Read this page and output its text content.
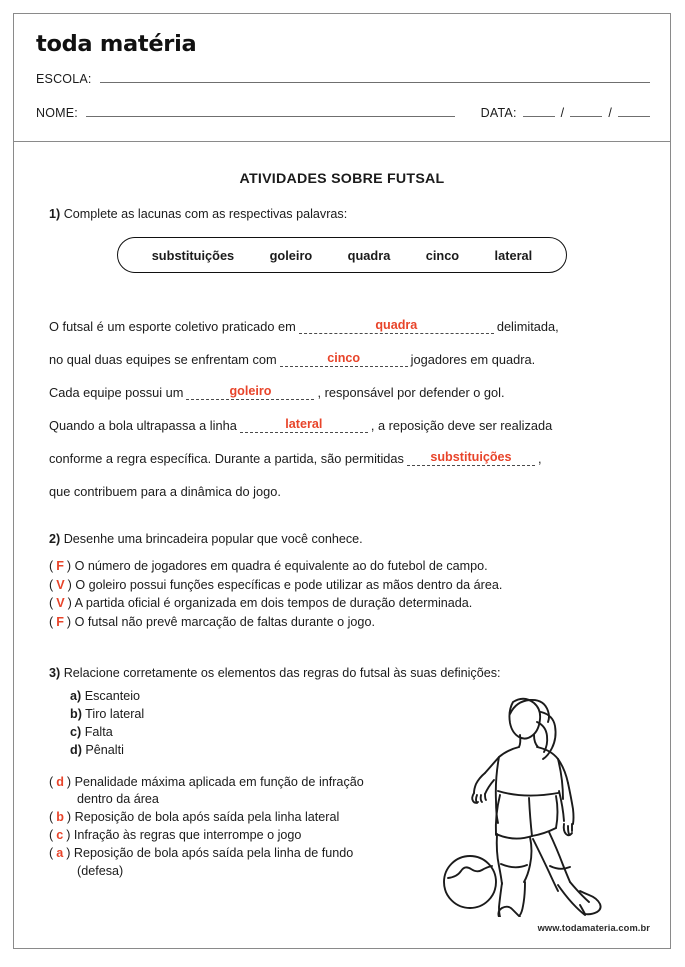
toda matéria
ESCOLA:
NOME:	DATA:	/	/
ATIVIDADES SOBRE FUTSAL
1) Complete as lacunas com as respectivas palavras:
substituições	goleiro	quadra	cinco	lateral
O futsal é um esporte coletivo praticado em	quadra	delimitada,
no qual duas equipes se enfrentam com	cinco	jogadores em quadra.
Cada equipe possui um	goleiro	, responsável por defender o gol.
Quando a bola ultrapassa a linha	lateral	, a reposição deve ser realizada
conforme a regra específica. Durante a partida, são permitidas	substituições	,
que contribuem para a dinâmica do jogo.
2) Desenhe uma brincadeira popular que você conhece.
( F ) O número de jogadores em quadra é equivalente ao do futebol de campo.
( V ) O goleiro possui funções específicas e pode utilizar as mãos dentro da área.
( V ) A partida oficial é organizada em dois tempos de duração determinada.
( F ) O futsal não prevê marcação de faltas durante o jogo.
3) Relacione corretamente os elementos das regras do futsal às suas definições:
a) Escanteio
b) Tiro lateral
c) Falta
d) Pênalti
( d ) Penalidade máxima aplicada em função de infração
dentro da área
( b ) Reposição de bola após saída pela linha lateral
( c ) Infração às regras que interrompe o jogo
( a ) Reposição de bola após saída pela linha de fundo
(defesa)
www.todamateria.com.br
